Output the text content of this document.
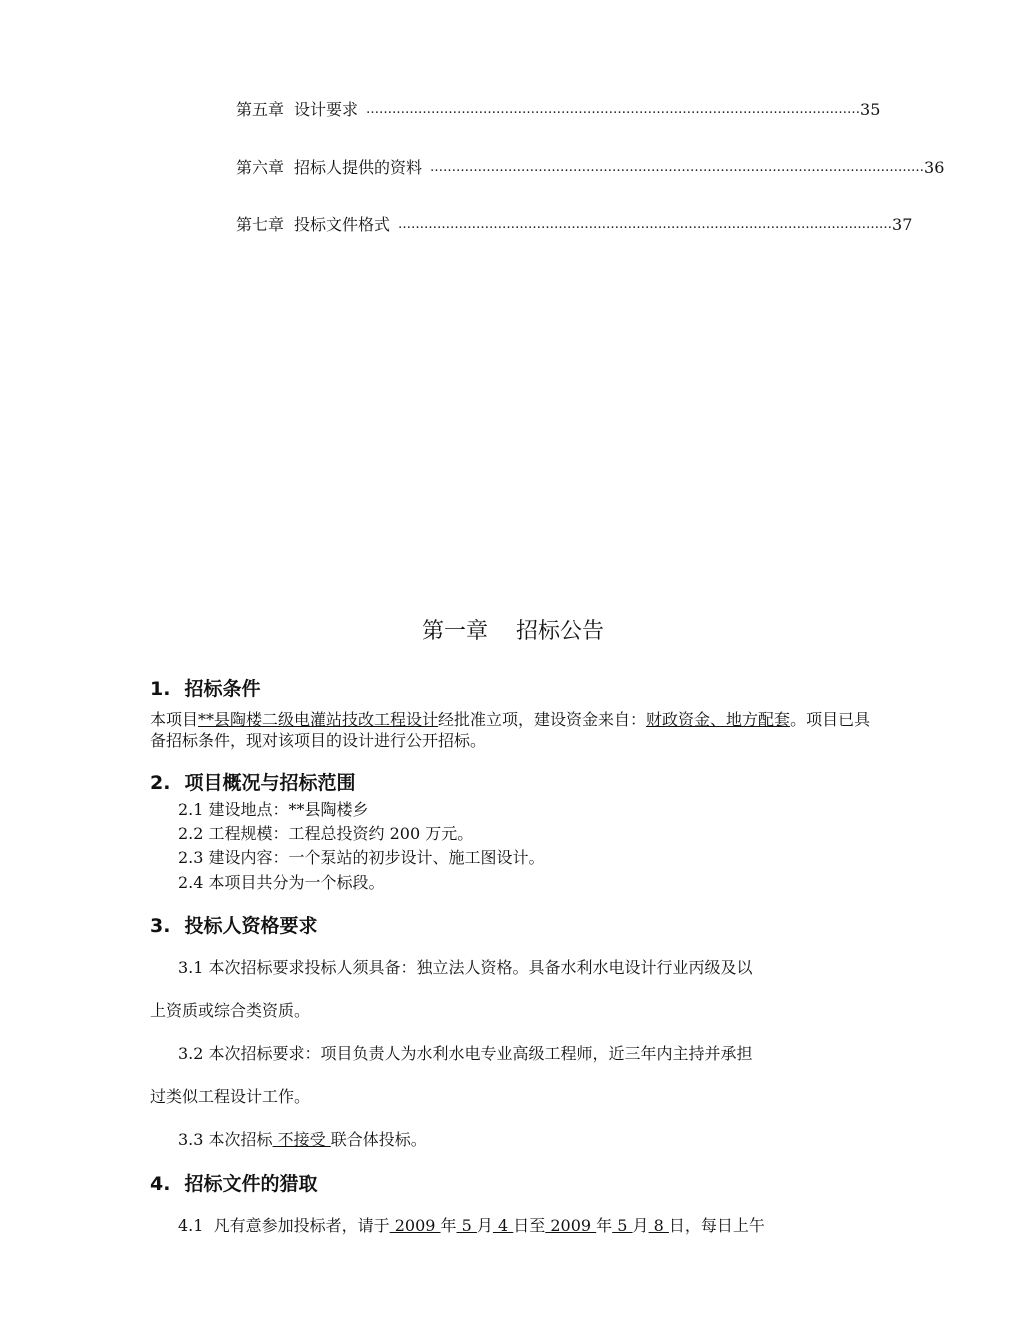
第五章 设计要求 …………………………………………………………………………………………………… 35
第六章 招标人提供的资料 …………………………………………………………………………………………………… 36
第七章 投标文件格式 …………………………………………………………………………………………………… 37
第一章 招标公告
1. 招标条件
本项目**县陶楼二级电灌站技改工程设计经批准立项，建设资金来自：财政资金、地方配套。项目已具备招标条件，现对该项目的设计进行公开招标。
2. 项目概况与招标范围
2.1 建设地点：**县陶楼乡
2.2 工程规模：工程总投资约 200 万元。
2.3 建设内容：一个泵站的初步设计、施工图设计。
2.4 本项目共分为一个标段。
3. 投标人资格要求
3.1 本次招标要求投标人须具备：独立法人资格。具备水利水电设计行业丙级及以
上资质或综合类资质。
3.2 本次招标要求：项目负责人为水利水电专业高级工程师，近三年内主持并承担
过类似工程设计工作。
3.3 本次招标 不接受 联合体投标。
4. 招标文件的猎取
4.1  凡有意参加投标者，请于 2009 年 5 月 4 日至 2009 年 5 月 8 日，每日上午
